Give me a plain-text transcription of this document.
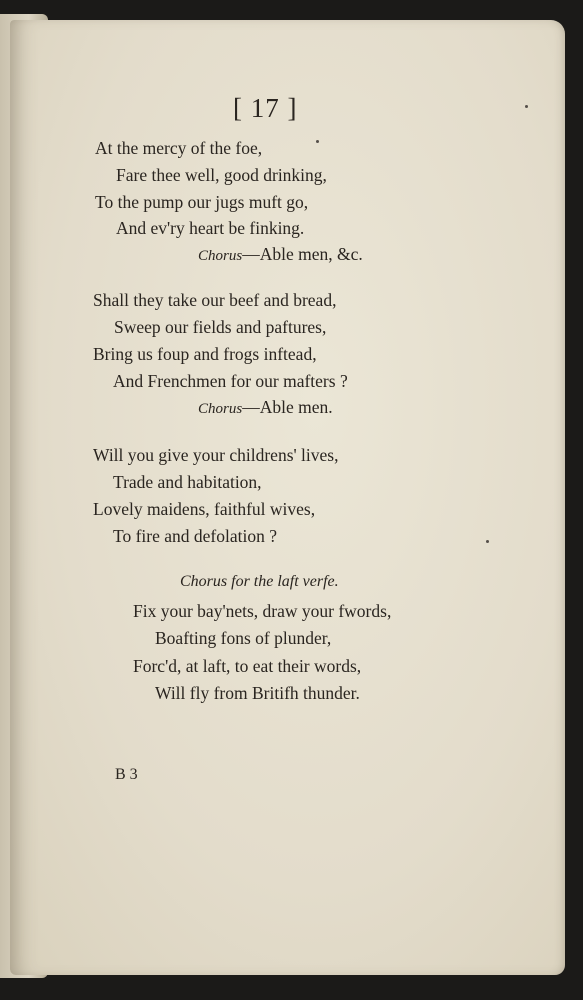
[ 17 ]
At the mercy of the foe,
Fare thee well, good drinking,
To the pump our jugs muft go,
And ev'ry heart be finking.
Chorus—Able men, &c.
Shall they take our beef and bread,
Sweep our fields and paftures,
Bring us foup and frogs inftead,
And Frenchmen for our mafters ?
Chorus—Able men.
Will you give your childrens' lives,
Trade and habitation,
Lovely maidens, faithful wives,
To fire and defolation ?
Chorus for the laft verfe.
Fix your bay'nets, draw your fwords,
Boafting fons of plunder,
Forc'd, at laft, to eat their words,
Will fly from Britifh thunder.
B 3
